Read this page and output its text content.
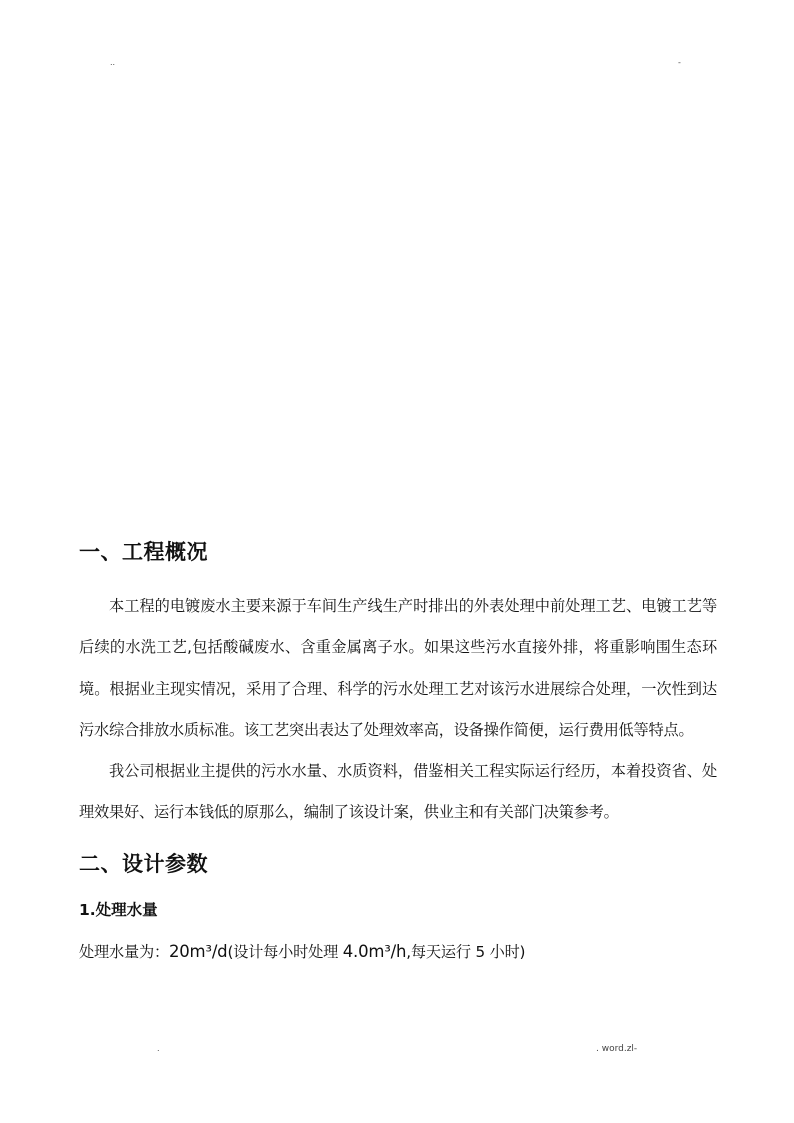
..	-
一、工程概况

本工程的电镀废水主要来源于车间生产线生产时排出的外表处理中前处理工艺、电镀工艺等后续的水洗工艺,包括酸碱废水、含重金属离子水。如果这些污水直接外排，将重影响围生态环境。根据业主现实情况，采用了合理、科学的污水处理工艺对该污水进展综合处理，一次性到达污水综合排放水质标准。该工艺突出表达了处理效率高，设备操作简便，运行费用低等特点。

我公司根据业主提供的污水水量、水质资料，借鉴相关工程实际运行经历，本着投资省、处理效果好、运行本钱低的原那么，编制了该设计案，供业主和有关部门决策参考。

二、设计参数
1.处理水量

处理水量为：20m³/d(设计每小时处理 4.0m³/h,每天运行 5 小时)

.	. word.zl-
